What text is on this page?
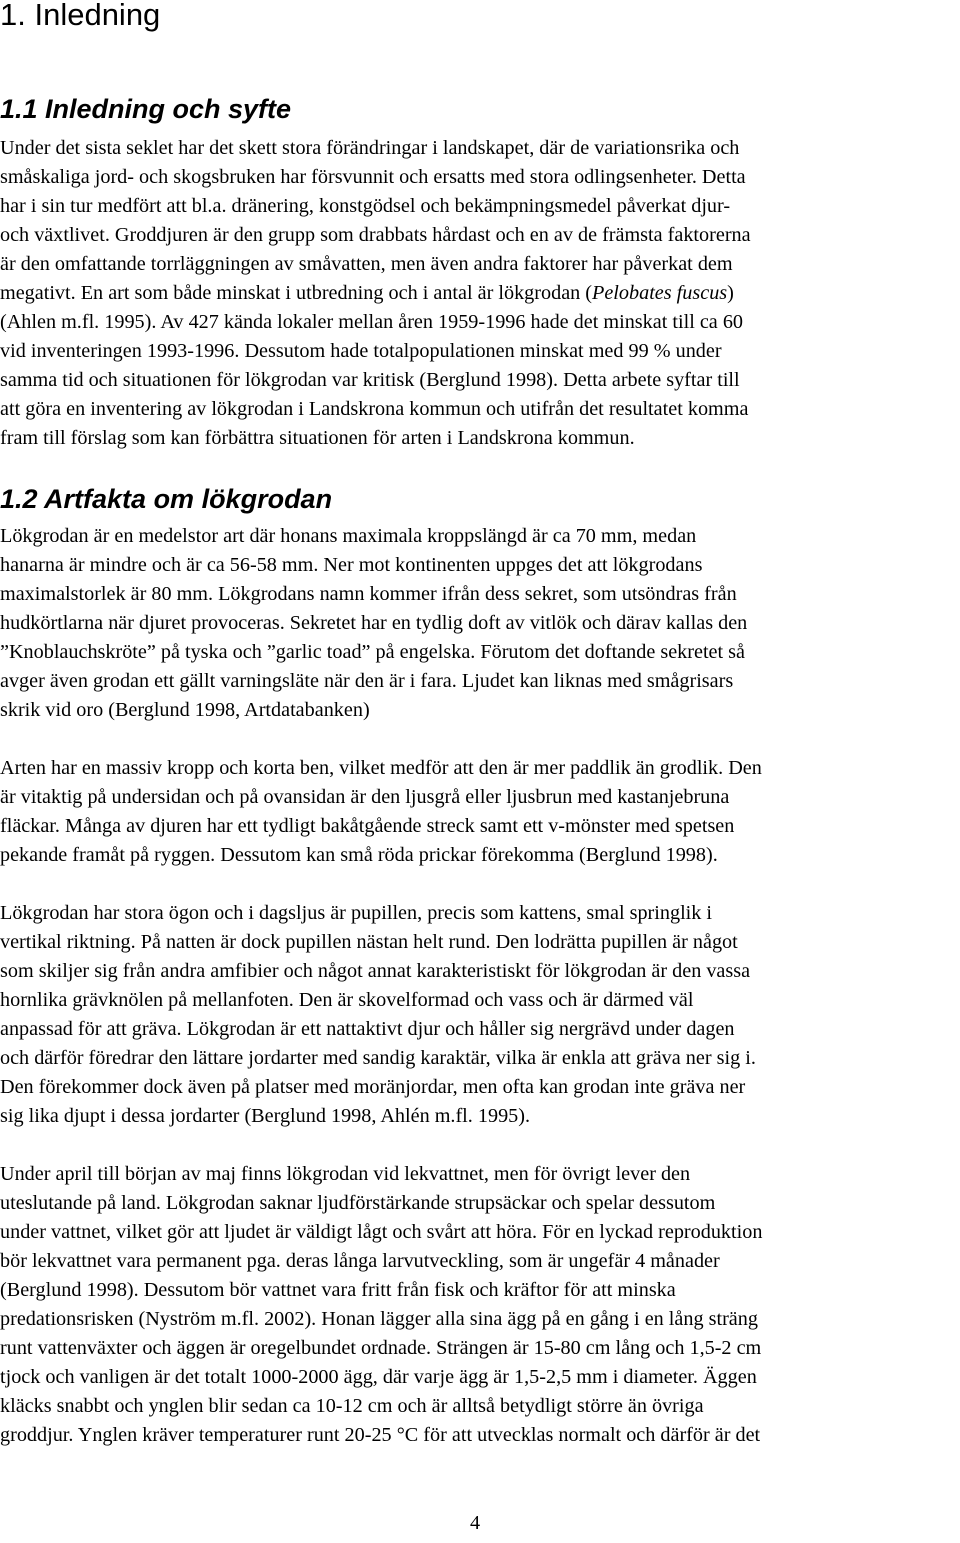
1. Inledning
1.1 Inledning och syfte

Under det sista seklet har det skett stora förändringar i landskapet, där de variationsrika och

småskaliga jord- och skogsbruken har försvunnit och ersatts med stora odlingsenheter. Detta

har i sin tur medfört att bl.a. dränering, konstgödsel och bekämpningsmedel påverkat djur-

och växtlivet. Groddjuren är den grupp som drabbats hårdast och en av de främsta faktorerna

är den omfattande torrläggningen av småvatten, men även andra faktorer har påverkat dem

megativt. En art som både minskat i utbredning och i antal är lökgrodan (Pelobates fuscus)

(Ahlen m.fl. 1995). Av 427 kända lokaler mellan åren 1959-1996 hade det minskat till ca 60

vid inventeringen 1993-1996. Dessutom hade totalpopulationen minskat med 99 % under

samma tid och situationen för lökgrodan var kritisk (Berglund 1998). Detta arbete syftar till

att göra en inventering av lökgrodan i Landskrona kommun och utifrån det resultatet komma

fram till förslag som kan förbättra situationen för arten i Landskrona kommun.

1.2 Artfakta om lökgrodan

Lökgrodan är en medelstor art där honans maximala kroppslängd är ca 70 mm, medan

hanarna är mindre och är ca 56-58 mm. Ner mot kontinenten uppges det att lökgrodans

maximalstorlek är 80 mm. Lökgrodans namn kommer ifrån dess sekret, som utsöndras från

hudkörtlarna när djuret provoceras. Sekretet har en tydlig doft av vitlök och därav kallas den

”Knoblauchskröte” på tyska och ”garlic toad” på engelska. Förutom det doftande sekretet så

avger även grodan ett gällt varningsläte när den är i fara. Ljudet kan liknas med smågrisars

skrik vid oro (Berglund 1998, Artdatabanken)

Arten har en massiv kropp och korta ben, vilket medför att den är mer paddlik än grodlik. Den

är vitaktig på undersidan och på ovansidan är den ljusgrå eller ljusbrun med kastanjebruna

fläckar. Många av djuren har ett tydligt bakåtgående streck samt ett v-mönster med spetsen

pekande framåt på ryggen. Dessutom kan små röda prickar förekomma (Berglund 1998).

Lökgrodan har stora ögon och i dagsljus är pupillen, precis som kattens, smal springlik i

vertikal riktning. På natten är dock pupillen nästan helt rund. Den lodrätta pupillen är något

som skiljer sig från andra amfibier och något annat karakteristiskt för lökgrodan är den vassa

hornlika grävknölen på mellanfoten. Den är skovelformad och vass och är därmed väl

anpassad för att gräva. Lökgrodan är ett nattaktivt djur och håller sig nergrävd under dagen

och därför föredrar den lättare jordarter med sandig karaktär, vilka är enkla att gräva ner sig i.

Den förekommer dock även på platser med moränjordar, men ofta kan grodan inte gräva ner

sig lika djupt i dessa jordarter (Berglund 1998, Ahlén m.fl. 1995).

Under april till början av maj finns lökgrodan vid lekvattnet, men för övrigt lever den

uteslutande på land. Lökgrodan saknar ljudförstärkande strupsäckar och spelar dessutom

under vattnet, vilket gör att ljudet är väldigt lågt och svårt att höra. För en lyckad reproduktion

bör lekvattnet vara permanent pga. deras långa larvutveckling, som är ungefär 4 månader

(Berglund 1998). Dessutom bör vattnet vara fritt från fisk och kräftor för att minska

predationsrisken (Nyström m.fl. 2002). Honan lägger alla sina ägg på en gång i en lång sträng

runt vattenväxter och äggen är oregelbundet ordnade. Strängen är 15-80 cm lång och 1,5-2 cm

tjock och vanligen är det totalt 1000-2000 ägg, där varje ägg är 1,5-2,5 mm i diameter. Äggen

kläcks snabbt och ynglen blir sedan ca 10-12 cm och är alltså betydligt större än övriga

groddjur. Ynglen kräver temperaturer runt 20-25 °C för att utvecklas normalt och därför är det

4
